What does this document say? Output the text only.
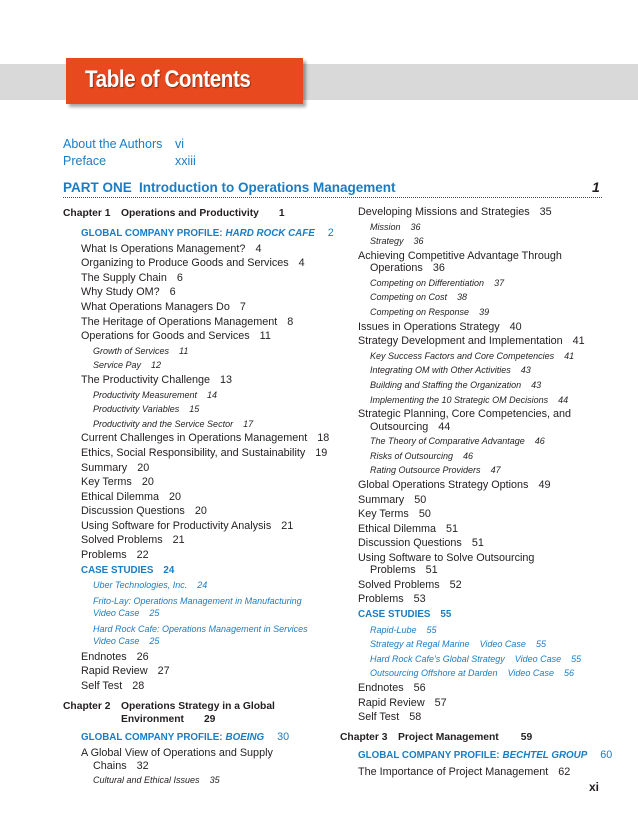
Table of Contents
About the Authors vi
Preface	xxiii
PART ONE Introduction to Operations Management	1
Chapter 1	Operations and Productivity 1
GLOBAL COMPANY PROFILE: HARD ROCK CAFE 2
What Is Operations Management? 4
Organizing to Produce Goods and Services 4
The Supply Chain 6
Why Study OM? 6
What Operations Managers Do 7
The Heritage of Operations Management 8
Operations for Goods and Services 11
Growth of Services 11
Service Pay 12
The Productivity Challenge 13
Productivity Measurement 14
Productivity Variables 15
Productivity and the Service Sector 17
Current Challenges in Operations Management 18
Ethics, Social Responsibility, and Sustainability 19
Summary 20
Key Terms 20
Ethical Dilemma 20
Discussion Questions 20
Using Software for Productivity Analysis 21
Solved Problems 21
Problems 22
CASE STUDIES 24
Uber Technologies, Inc. 24
Frito-Lay: Operations Management in Manufacturing
Video Case 25
Hard Rock Cafe: Operations Management in Services
Video Case 25
Endnotes 26
Rapid Review 27
Self Test 28
Chapter 2	Operations Strategy in a Global
Environment 29
GLOBAL COMPANY PROFILE: BOEING 30
A Global View of Operations and Supply
Chains 32
Cultural and Ethical Issues 35
Developing Missions and Strategies 35
Mission 36
Strategy 36
Achieving Competitive Advantage Through
Operations 36
Competing on Differentiation 37
Competing on Cost 38
Competing on Response 39
Issues in Operations Strategy 40
Strategy Development and Implementation 41
Key Success Factors and Core Competencies 41
Integrating OM with Other Activities 43
Building and Staffing the Organization 43
Implementing the 10 Strategic OM Decisions 44
Strategic Planning, Core Competencies, and
Outsourcing 44
The Theory of Comparative Advantage 46
Risks of Outsourcing 46
Rating Outsource Providers 47
Global Operations Strategy Options 49
Summary 50
Key Terms 50
Ethical Dilemma 51
Discussion Questions 51
Using Software to Solve Outsourcing
Problems 51
Solved Problems 52
Problems 53
CASE STUDIES 55
Rapid-Lube 55
Strategy at Regal Marine Video Case 55
Hard Rock Cafe's Global Strategy Video Case 55
Outsourcing Offshore at Darden Video Case 56
Endnotes 56
Rapid Review 57
Self Test 58
Chapter 3	Project Management 59
GLOBAL COMPANY PROFILE: BECHTEL GROUP 60
The Importance of Project Management 62
xi
